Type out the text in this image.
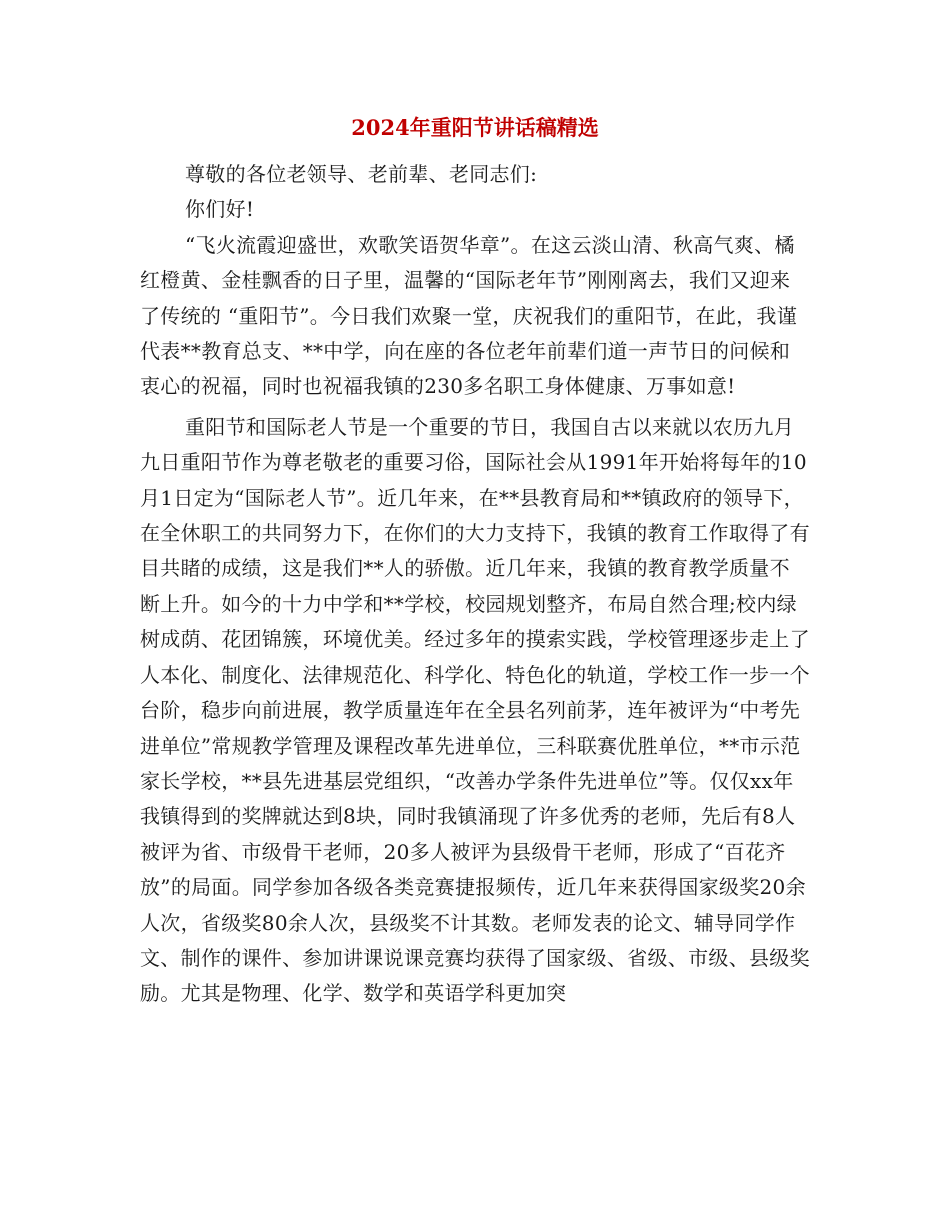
2024年重阳节讲话稿精选

尊敬的各位老领导、老前辈、老同志们:

你们好!

“飞火流霞迎盛世，欢歌笑语贺华章”。在这云淡山清、秋高气爽、橘红橙黄、金桂飘香的日子里，温馨的“国际老年节”刚刚离去，我们又迎来了传统的 “重阳节”。今日我们欢聚一堂，庆祝我们的重阳节，在此，我谨代表**教育总支、**中学，向在座的各位老年前辈们道一声节日的问候和衷心的祝福，同时也祝福我镇的230多名职工身体健康、万事如意!

重阳节和国际老人节是一个重要的节日，我国自古以来就以农历九月九日重阳节作为尊老敬老的重要习俗，国际社会从1991年开始将每年的10月1日定为“国际老人节”。近几年来，在**县教育局和**镇政府的领导下，在全休职工的共同努力下，在你们的大力支持下，我镇的教育工作取得了有目共睹的成绩，这是我们**人的骄傲。近几年来，我镇的教育教学质量不断上升。如今的十力中学和**学校，校园规划整齐，布局自然合理;校内绿树成荫、花团锦簇，环境优美。经过多年的摸索实践，学校管理逐步走上了人本化、制度化、法律规范化、科学化、特色化的轨道，学校工作一步一个台阶，稳步向前进展，教学质量连年在全县名列前茅，连年被评为“中考先进单位”常规教学管理及课程改革先进单位，三科联赛优胜单位，**市示范家长学校，**县先进基层党组织，“改善办学条件先进单位”等。仅仅xx年我镇得到的奖牌就达到8块，同时我镇涌现了许多优秀的老师，先后有8人被评为省、市级骨干老师，20多人被评为县级骨干老师，形成了“百花齐放”的局面。同学参加各级各类竞赛捷报频传，近几年来获得国家级奖20余人次，省级奖80余人次，县级奖不计其数。老师发表的论文、辅导同学作文、制作的课件、参加讲课说课竞赛均获得了国家级、省级、市级、县级奖励。尤其是物理、化学、数学和英语学科更加突
